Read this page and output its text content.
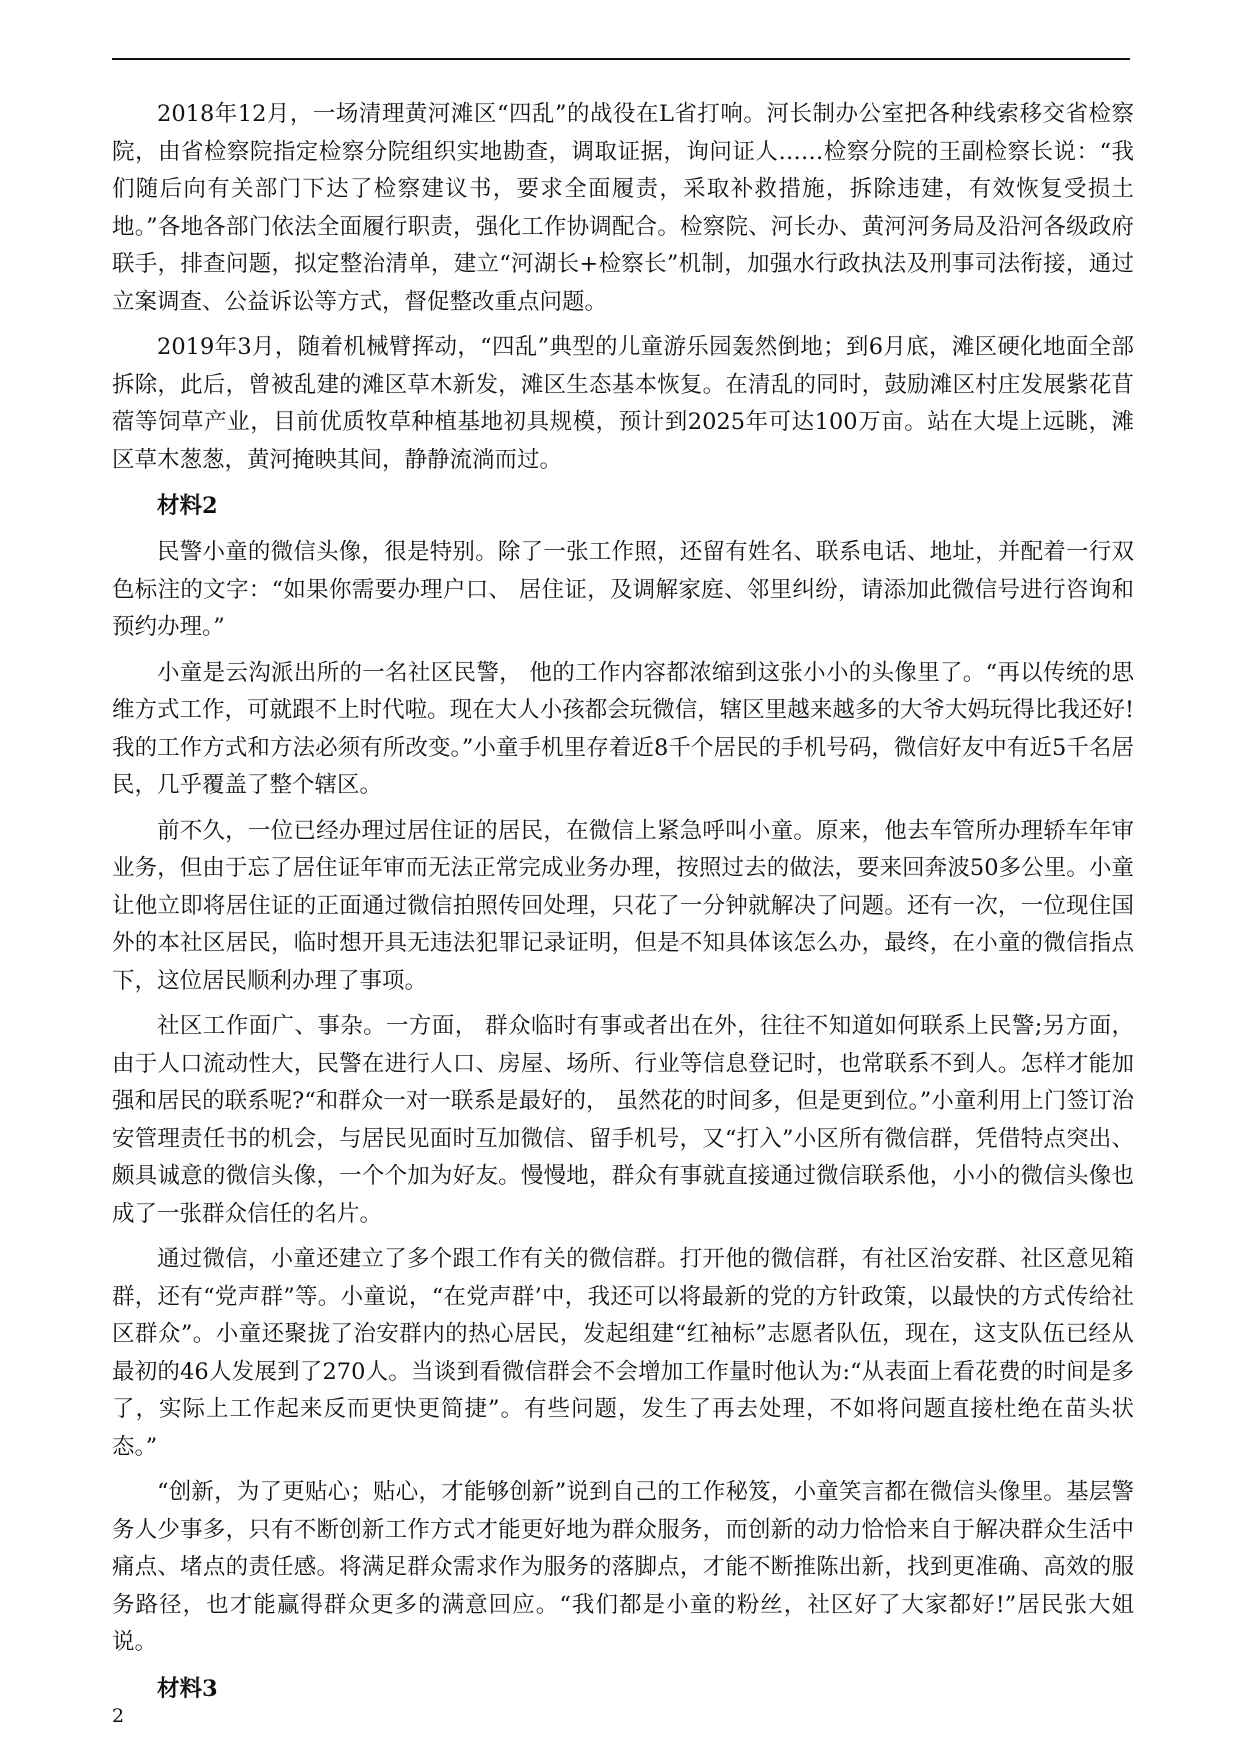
2018年12月，一场清理黄河滩区“四乱”的战役在L省打响。河长制办公室把各种线索移交省检察院，由省检察院指定检察分院组织实地勘查，调取证据，询问证人……检察分院的王副检察长说：“我们随后向有关部门下达了检察建议书，要求全面履责，采取补救措施，拆除违建，有效恢复受损土地。”各地各部门依法全面履行职责，强化工作协调配合。检察院、河长办、黄河河务局及沿河各级政府联手，排查问题，拟定整治清单，建立“河湖长+检察长”机制，加强水行政执法及刑事司法衔接，通过立案调查、公益诉讼等方式，督促整改重点问题。

2019年3月，随着机械臂挥动，“四乱”典型的儿童游乐园轰然倒地；到6月底，滩区硬化地面全部拆除，此后，曾被乱建的滩区草木新发，滩区生态基本恢复。在清乱的同时，鼓励滩区村庄发展紫花苜蓿等饲草产业，目前优质牧草种植基地初具规模，预计到2025年可达100万亩。站在大堤上远眺，滩区草木葱葱，黄河掩映其间，静静流淌而过。

材料2

民警小童的微信头像，很是特别。除了一张工作照，还留有姓名、联系电话、地址，并配着一行双色标注的文字：“如果你需要办理户口、 居住证，及调解家庭、邻里纠纷，请添加此微信号进行咨询和预约办理。”

小童是云沟派出所的一名社区民警， 他的工作内容都浓缩到这张小小的头像里了。“再以传统的思维方式工作，可就跟不上时代啦。现在大人小孩都会玩微信，辖区里越来越多的大爷大妈玩得比我还好!我的工作方式和方法必须有所改变。”小童手机里存着近8千个居民的手机号码，微信好友中有近5千名居民，几乎覆盖了整个辖区。

前不久，一位已经办理过居住证的居民，在微信上紧急呼叫小童。原来，他去车管所办理轿车年审业务，但由于忘了居住证年审而无法正常完成业务办理，按照过去的做法，要来回奔波50多公里。小童让他立即将居住证的正面通过微信拍照传回处理，只花了一分钟就解决了问题。还有一次，一位现住国外的本社区居民，临时想开具无违法犯罪记录证明，但是不知具体该怎么办，最终，在小童的微信指点下，这位居民顺利办理了事项。

社区工作面广、事杂。一方面， 群众临时有事或者出在外，往往不知道如何联系上民警;另方面，由于人口流动性大，民警在进行人口、房屋、场所、行业等信息登记时，也常联系不到人。怎样才能加强和居民的联系呢?“和群众一对一联系是最好的， 虽然花的时间多，但是更到位。”小童利用上门签订治安管理责任书的机会，与居民见面时互加微信、留手机号，又“打入”小区所有微信群，凭借特点突出、颇具诚意的微信头像，一个个加为好友。慢慢地，群众有事就直接通过微信联系他，小小的微信头像也成了一张群众信任的名片。

通过微信，小童还建立了多个跟工作有关的微信群。打开他的微信群，有社区治安群、社区意见箱群，还有“党声群”等。小童说，“在党声群’中，我还可以将最新的党的方针政策，以最快的方式传给社区群众”。小童还聚拢了治安群内的热心居民，发起组建“红袖标”志愿者队伍，现在，这支队伍已经从最初的46人发展到了270人。当谈到看微信群会不会增加工作量时他认为:“从表面上看花费的时间是多了，实际上工作起来反而更快更简捷”。有些问题，发生了再去处理，不如将问题直接杜绝在苗头状态。”

“创新，为了更贴心；贴心，才能够创新”说到自己的工作秘笈，小童笑言都在微信头像里。基层警务人少事多，只有不断创新工作方式才能更好地为群众服务，而创新的动力恰恰来自于解决群众生活中痛点、堵点的责任感。将满足群众需求作为服务的落脚点，才能不断推陈出新，找到更准确、高效的服务路径，也才能赢得群众更多的满意回应。“我们都是小童的粉丝，社区好了大家都好!”居民张大姐说。

材料3

2
